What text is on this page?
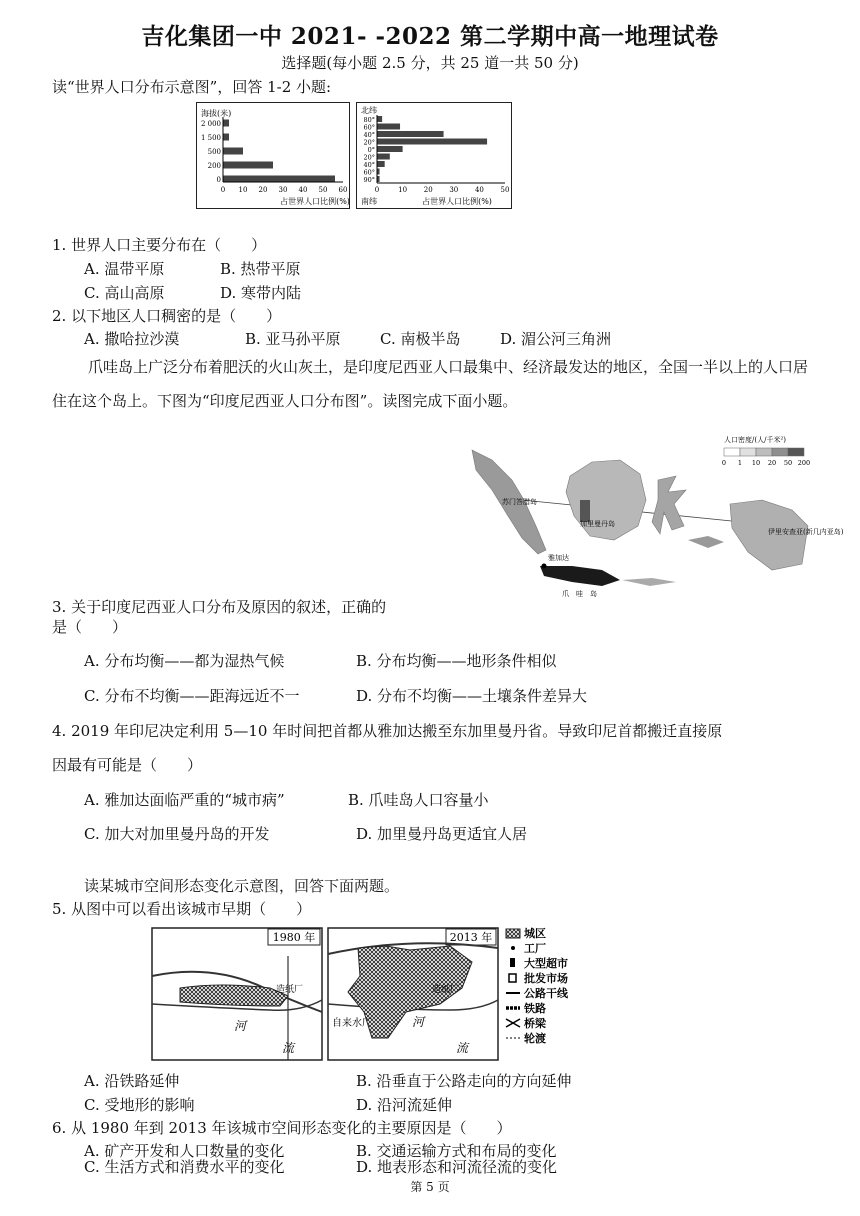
吉化集团一中 2021- -2022 第二学期中高一地理试卷
选择题(每小题 2.5 分，共 25 道一共 50 分)
读“世界人口分布示意图”，回答 1-2 小题:
海拔(米)
2 000
1 500
500
200
0
0 10 20 30 40 50 60
占世界人口比例(%)
北纬
南纬
80°
60°
40°
20°
0°
20°
40°
60°
90°
0	10 20 30 40 50
占世界人口比例(%)
1. 世界人口主要分布在（　　）
A. 温带平原	B. 热带平原
C. 高山高原	D. 寒带内陆
2. 以下地区人口稠密的是（　　）
A. 撒哈拉沙漠	B. 亚马孙平原	C. 南极半岛	D. 湄公河三角洲
爪哇岛上广泛分布着肥沃的火山灰土，是印度尼西亚人口最集中、经济最发达的地区，全国一半以上的人口居住在这个岛上。下图为“印度尼西亚人口分布图”。读图完成下面小题。
人口密度/(人/千米²)
0 1 10 20 50 200
苏门答腊岛
加里曼丹岛
伊里安查亚(新几内亚岛)
雅加达
爪　哇　岛
3. 关于印度尼西亚人口分布及原因的叙述，正确的
是（　　）
A. 分布均衡——都为湿热气候	B. 分布均衡——地形条件相似
C. 分布不均衡——距海远近不一	D. 分布不均衡——土壤条件差异大
4. 2019 年印尼决定利用 5—10 年时间把首都从雅加达搬至东加里曼丹省。导致印尼首都搬迁直接原
因最有可能是（　　）
A. 雅加达面临严重的“城市病”	B. 爪哇岛人口容量小
C. 加大对加里曼丹岛的开发	D. 加里曼丹岛更适宜人居
读某城市空间形态变化示意图，回答下面两题。
5. 从图中可以看出该城市早期（　　）
1980 年
造纸厂
河
流
2013 年
造纸厂
自来水厂	河
流
城区
工厂
大型超市
批发市场
公路干线
铁路
桥梁
轮渡
A. 沿铁路延伸	B. 沿垂直于公路走向的方向延伸
C. 受地形的影响	D. 沿河流延伸
6. 从 1980 年到 2013 年该城市空间形态变化的主要原因是（　　）
A. 矿产开发和人口数量的变化	B. 交通运输方式和布局的变化
C. 生活方式和消费水平的变化	D. 地表形态和河流径流的变化
第 5 页
